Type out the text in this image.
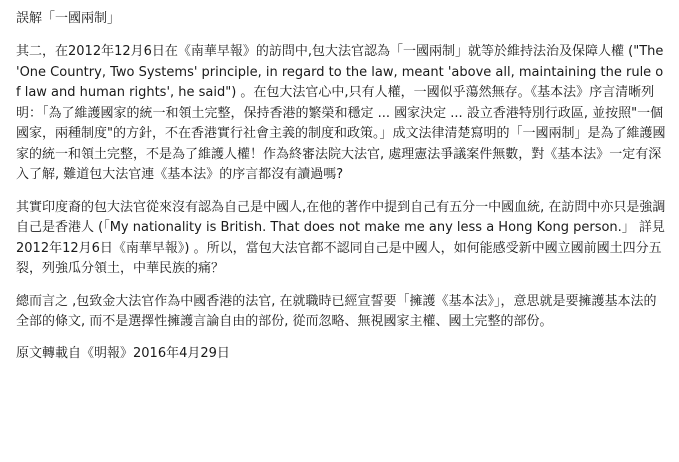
誤解「一國兩制」

其二，在2012年12月6日在《南華早報》的訪問中,包大法官認為「一國兩制」就等於維持法治及保障人權 ("The 'One Country, Two Systems' principle, in regard to the law, meant 'above all, maintaining the rule of law and human rights', he said") 。在包大法官心中,只有人權，一國似乎蕩然無存。《基本法》序言清晰列明：「為了維護國家的統一和領土完整，保持香港的繁榮和穩定 ... 國家決定 ... 設立香港特別行政區, 並按照"一個國家，兩種制度"的方針，不在香港實行社會主義的制度和政策。」成文法律清楚寫明的「一國兩制」是為了維護國家的統一和領土完整，不是為了維護人權！作為終審法院大法官, 處理憲法爭議案件無數，對《基本法》一定有深入了解, 難道包大法官連《基本法》的序言都沒有讀過嗎?

其實印度裔的包大法官從來沒有認為自己是中國人,在他的著作中提到自己有五分一中國血統, 在訪問中亦只是強調自己是香港人 (「My nationality is British. That does not make me any less a Hong Kong person.」 詳見 2012年12月6日《南華早報》) 。所以，當包大法官都不認同自己是中國人，如何能感受新中國立國前國土四分五裂，列強瓜分領土，中華民族的痛？

總而言之 ,包致金大法官作為中國香港的法官, 在就職時已經宣誓要「擁護《基本法》」，意思就是要擁護基本法的全部的條文, 而不是選擇性擁護言論自由的部份, 從而忽略、無視國家主權、國土完整的部份。

原文轉載自《明報》2016年4月29日
